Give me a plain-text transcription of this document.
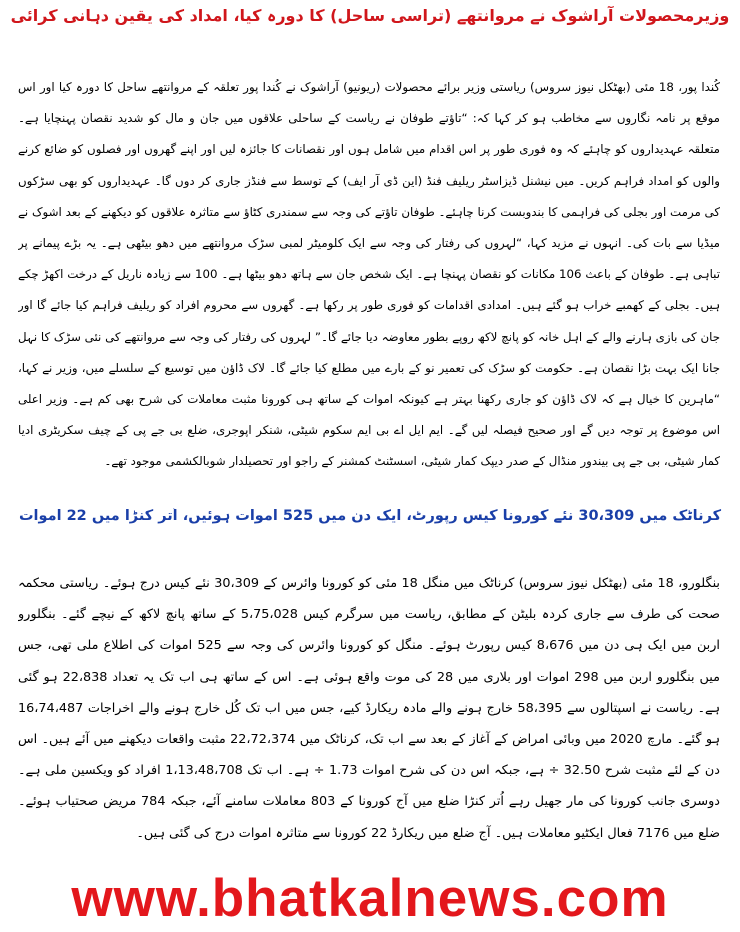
وزیرمحصولات آراشوک نے مروانتھے (تراسی ساحل) کا دورہ کیا، امداد کی یقین دہانی کرائی
کُندا پور، 18 مئی (بھٹکل نیوز سروس) ریاستی وزیر برائے محصولات (ریونیو) آراشوک نے کُندا پور تعلقہ کے مروانتھے ساحل کا دورہ کیا اور اس موقع پر نامہ نگاروں سے مخاطب ہو کر کہا کہ: “تاؤتے طوفان نے ریاست کے ساحلی علاقوں میں جان و مال کو شدید نقصان پہنچایا ہے۔ متعلقہ عہدیداروں کو چاہئے کہ وہ فوری طور پر اس اقدام میں شامل ہوں اور نقصانات کا جائزہ لیں اور اپنے گھروں اور فصلوں کو ضائع کرنے والوں کو امداد فراہم کریں۔ میں نیشنل ڈیزاسٹر ریلیف فنڈ (این ڈی آر ایف) کے توسط سے فنڈز جاری کر دوں گا۔ عہدیداروں کو بھی سڑکوں کی مرمت اور بجلی کی فراہمی کا بندوبست کرنا چاہئے۔ طوفان تاؤتے کی وجہ سے سمندری کٹاؤ سے متاثرہ علاقوں کو دیکھنے کے بعد اشوک نے میڈیا سے بات کی۔ انہوں نے مزید کہا، “لہروں کی رفتار کی وجہ سے ایک کلومیٹر لمبی سڑک مروانتھے میں دھو بیٹھی ہے۔ یہ بڑے پیمانے پر تباہی ہے۔ طوفان کے باعث 106 مکانات کو نقصان پہنچا ہے۔ ایک شخص جان سے ہاتھ دھو بیٹھا ہے۔ 100 سے زیادہ ناریل کے درخت اکھڑ چکے ہیں۔ بجلی کے کھمبے خراب ہو گئے ہیں۔ امدادی اقدامات کو فوری طور پر رکھا ہے۔ گھروں سے محروم افراد کو ریلیف فراہم کیا جائے گا اور جان کی بازی ہارنے والے کے اہل خانہ کو پانچ لاکھ روپے بطور معاوضہ دیا جائے گا۔” لہروں کی رفتار کی وجہ سے مروانتھے کی نئی سڑک کا نہل جانا ایک بہت بڑا نقصان ہے۔ حکومت کو سڑک کی تعمیر نو کے بارے میں مطلع کیا جائے گا۔ لاک ڈاؤن میں توسیع کے سلسلے میں، وزیر نے کہا، “ماہرین کا خیال ہے کہ لاک ڈاؤن کو جاری رکھنا بہتر ہے کیونکہ اموات کے ساتھ ہی کورونا مثبت معاملات کی شرح بھی کم ہے۔ وزیر اعلی اس موضوع پر توجہ دیں گے اور صحیح فیصلہ لیں گے۔ ایم ایل اے بی ایم سکوم شیٹی، شنکر اپوجری، ضلع بی جے پی کے چیف سکریٹری ادیا کمار شیٹی، بی جے پی بیندور منڈال کے صدر دیپک کمار شیٹی، اسسٹنٹ کمشنر کے راجو اور تحصیلدار شوبالکشمی موجود تھے۔
کرناٹک میں 30،309 نئے کورونا کیس رپورٹ، ایک دن میں 525 اموات ہوئیں، اُتر کنڑا میں 22 اموات
بنگلورو، 18 مئی (بھٹکل نیوز سروس) کرناٹک میں منگل 18 مئی کو کورونا وائرس کے 30،309 نئے کیس درج ہوئے۔ ریاستی محکمہ صحت کی طرف سے جاری کردہ بلیٹن کے مطابق، ریاست میں سرگرم کیس 5،75،028 کے ساتھ پانچ لاکھ کے نیچے گئے۔ بنگلورو اربن میں ایک ہی دن میں 8،676 کیس رپورٹ ہوئے۔ منگل کو کورونا وائرس کی وجہ سے 525 اموات کی اطلاع ملی تھی، جس میں بنگلورو اربن میں 298 اموات اور بلاری میں 28 کی موت واقع ہوئی ہے۔ اس کے ساتھ ہی اب تک یہ تعداد 22،838 ہو گئی ہے۔ ریاست نے اسپتالوں سے 58،395 خارج ہونے والے مادہ ریکارڈ کیے، جس میں اب تک کُل خارج ہونے والے اخراجات 16،74،487 ہو گئے۔ مارچ 2020 میں وبائی امراض کے آغاز کے بعد سے اب تک، کرناٹک میں 22،72،374 مثبت واقعات دیکھنے میں آئے ہیں۔ اس دن کے لئے مثبت شرح 32.50 ÷ ہے، جبکہ اس دن کی شرح اموات 1.73 ÷ ہے۔ اب تک 1،13،48،708 افراد کو ویکسین ملی ہے۔ دوسری جانب کورونا کی مار جھیل رہے اُتر کنڑا ضلع میں آج کورونا کے 803 معاملات سامنے آئے، جبکہ 784 مریض صحتیاب ہوئے۔ ضلع میں 7176 فعال ایکٹیو معاملات ہیں۔ آج ضلع میں ریکارڈ 22 کورونا سے متاثرہ اموات درج کی گئی ہیں۔
www.bhatkalnews.com
